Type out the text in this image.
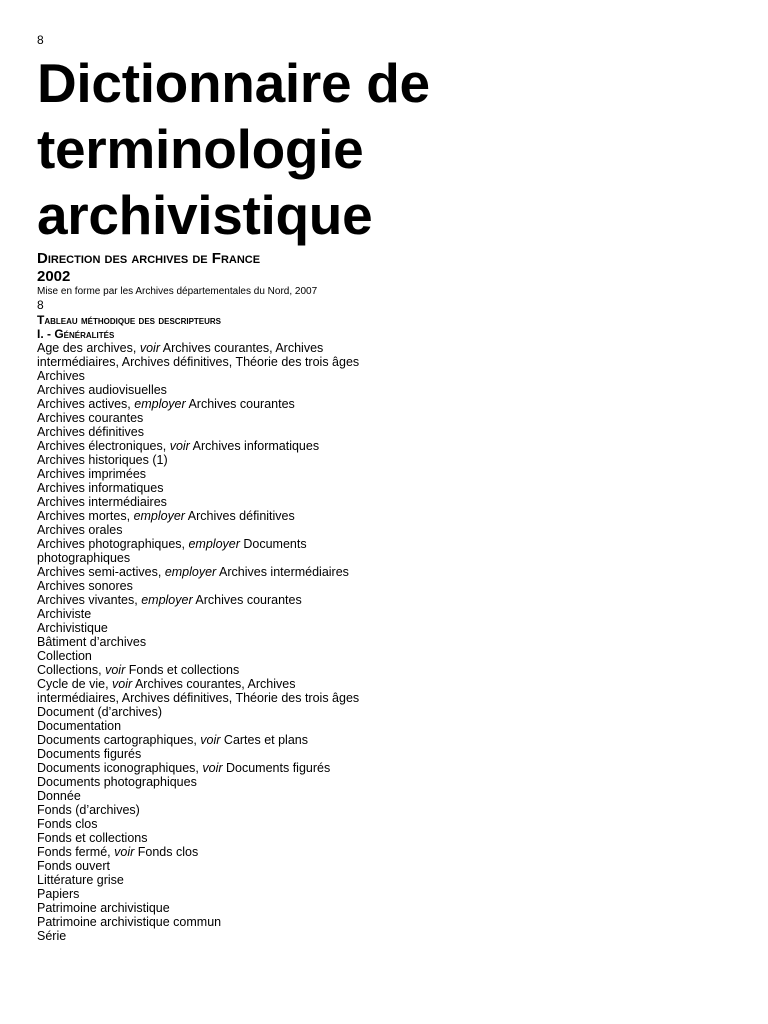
8
Dictionnaire de
terminologie
archivistique
Direction des archives de France
2002
Mise en forme par les Archives départementales du Nord, 2007
8
Tableau méthodique des descripteurs
I. - Généralités
Age des archives, voir Archives courantes, Archives intermédiaires, Archives définitives, Théorie des trois âges
Archives
Archives audiovisuelles
Archives actives, employer Archives courantes
Archives courantes
Archives définitives
Archives électroniques, voir Archives informatiques
Archives historiques (1)
Archives imprimées
Archives informatiques
Archives intermédiaires
Archives mortes, employer Archives définitives
Archives orales
Archives photographiques, employer Documents photographiques
Archives semi-actives, employer Archives intermédiaires
Archives sonores
Archives vivantes, employer Archives courantes
Archiviste
Archivistique
Bâtiment d’archives
Collection
Collections, voir Fonds et collections
Cycle de vie, voir Archives courantes, Archives intermédiaires, Archives définitives, Théorie des trois âges
Document (d’archives)
Documentation
Documents cartographiques, voir Cartes et plans
Documents figurés
Documents iconographiques, voir Documents figurés
Documents photographiques
Donnée
Fonds (d’archives)
Fonds clos
Fonds et collections
Fonds fermé, voir Fonds clos
Fonds ouvert
Littérature grise
Papiers
Patrimoine archivistique
Patrimoine archivistique commun
Série
